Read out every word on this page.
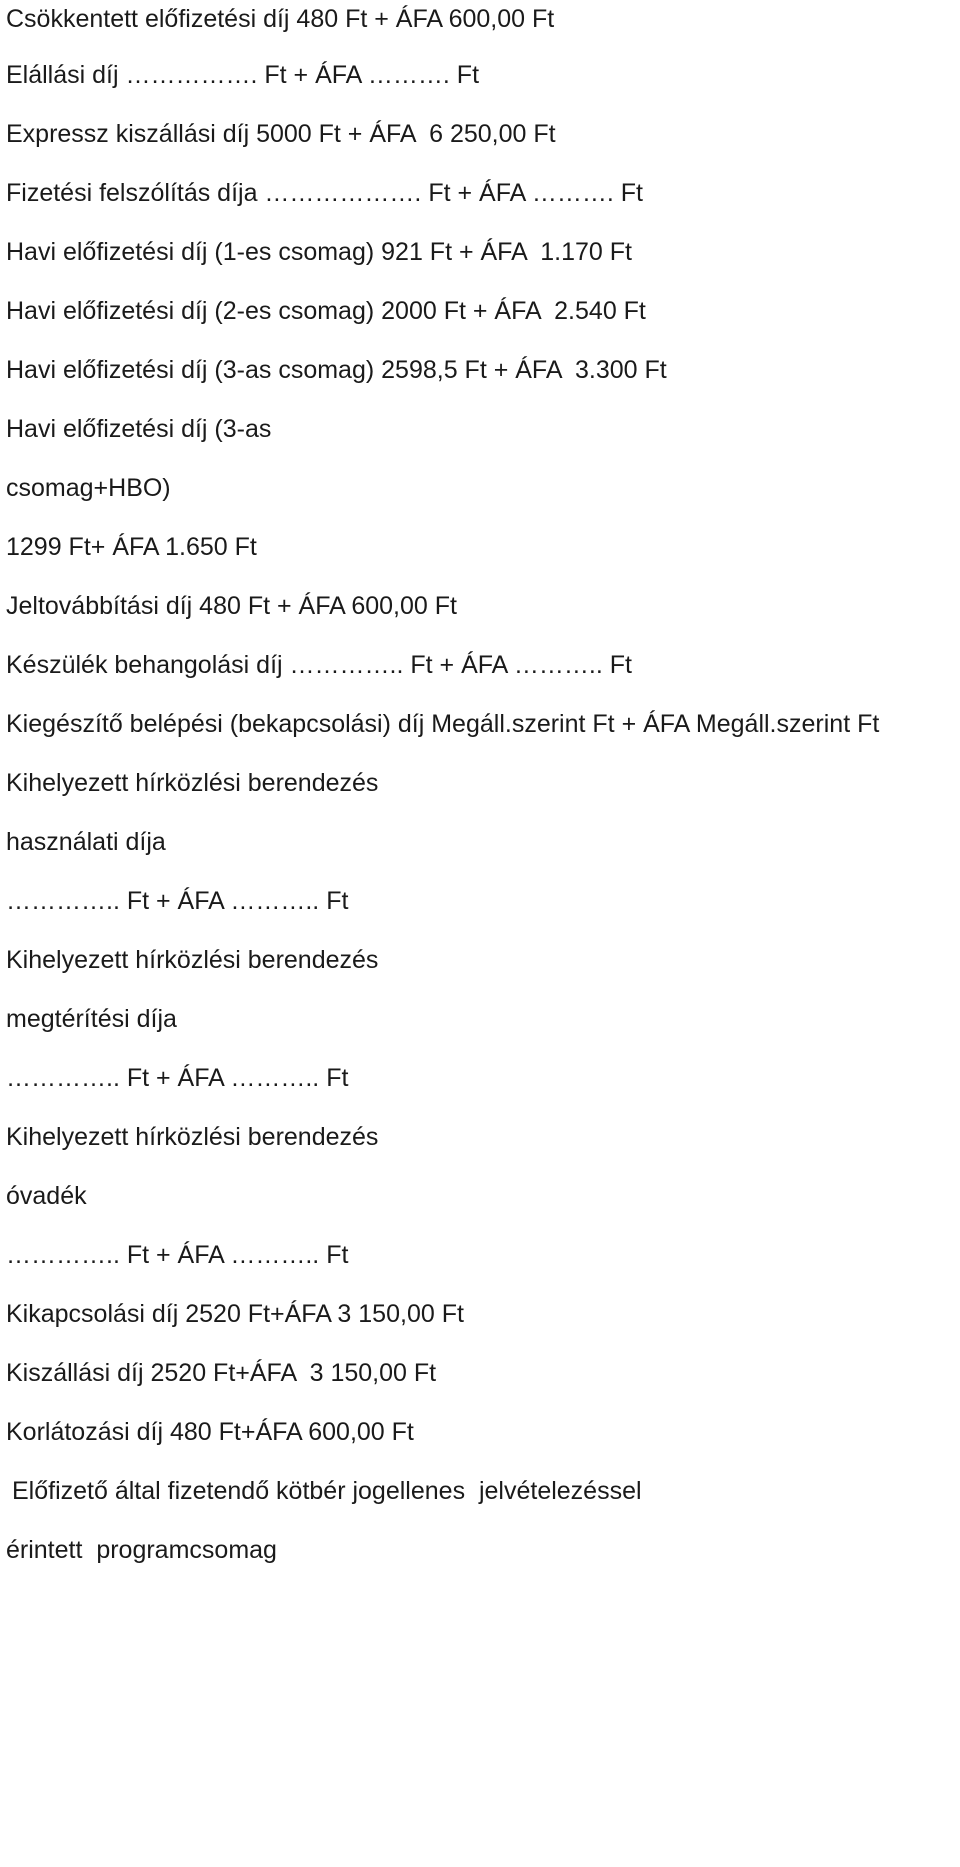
Csökkentett előfizetési díj 480 Ft + ÁFA 600,00 Ft
Elállási díj ……………. Ft + ÁFA ………. Ft
Expressz kiszállási díj 5000 Ft + ÁFA  6 250,00 Ft
Fizetési felszólítás díja ………………. Ft + ÁFA ………. Ft
Havi előfizetési díj (1-es csomag) 921 Ft + ÁFA  1.170 Ft
Havi előfizetési díj (2-es csomag) 2000 Ft + ÁFA  2.540 Ft
Havi előfizetési díj (3-as csomag) 2598,5 Ft + ÁFA  3.300 Ft
Havi előfizetési díj (3-as
csomag+HBO)
1299 Ft+ ÁFA 1.650 Ft
Jeltovábbítási díj 480 Ft + ÁFA 600,00 Ft
Készülék behangolási díj ………….. Ft + ÁFA ……….. Ft
Kiegészítő belépési (bekapcsolási) díj Megáll.szerint Ft + ÁFA Megáll.szerint Ft
Kihelyezett hírközlési berendezés
használati díja
………….. Ft + ÁFA ……….. Ft
Kihelyezett hírközlési berendezés
megtérítési díja
………….. Ft + ÁFA ……….. Ft
Kihelyezett hírközlési berendezés
óvadék
………….. Ft + ÁFA ……….. Ft
Kikapcsolási díj 2520 Ft+ÁFA 3 150,00 Ft
Kiszállási díj 2520 Ft+ÁFA  3 150,00 Ft
Korlátozási díj 480 Ft+ÁFA 600,00 Ft
Előfizető által fizetendő kötbér jogellenes  jelvételezéssel
érintett  programcsomag
